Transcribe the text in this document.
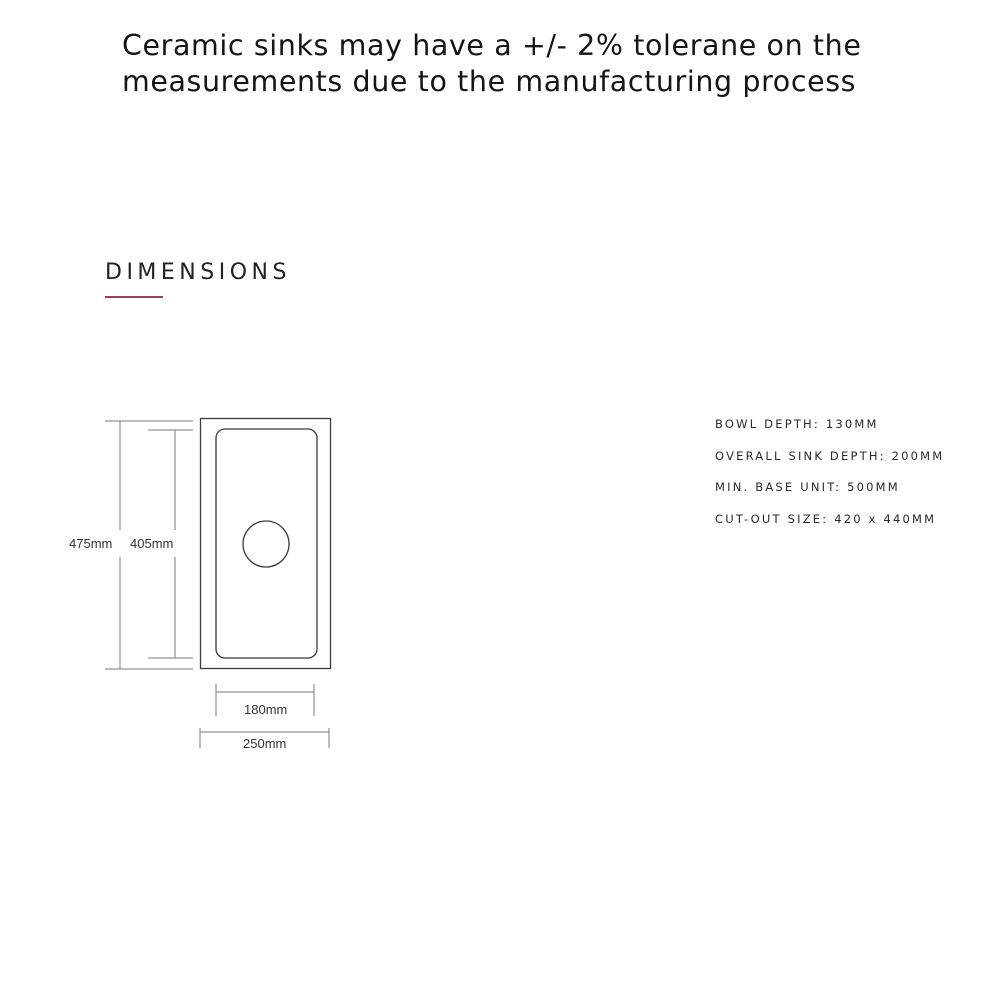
Ceramic sinks may have a +/- 2% tolerane on the
measurements due to the manufacturing process
DIMENSIONS
475mm 405mm
180mm
250mm
BOWL DEPTH: 130MM
OVERALL SINK DEPTH: 200MM
MIN. BASE UNIT: 500MM
CUT-OUT SIZE: 420 x 440MM
